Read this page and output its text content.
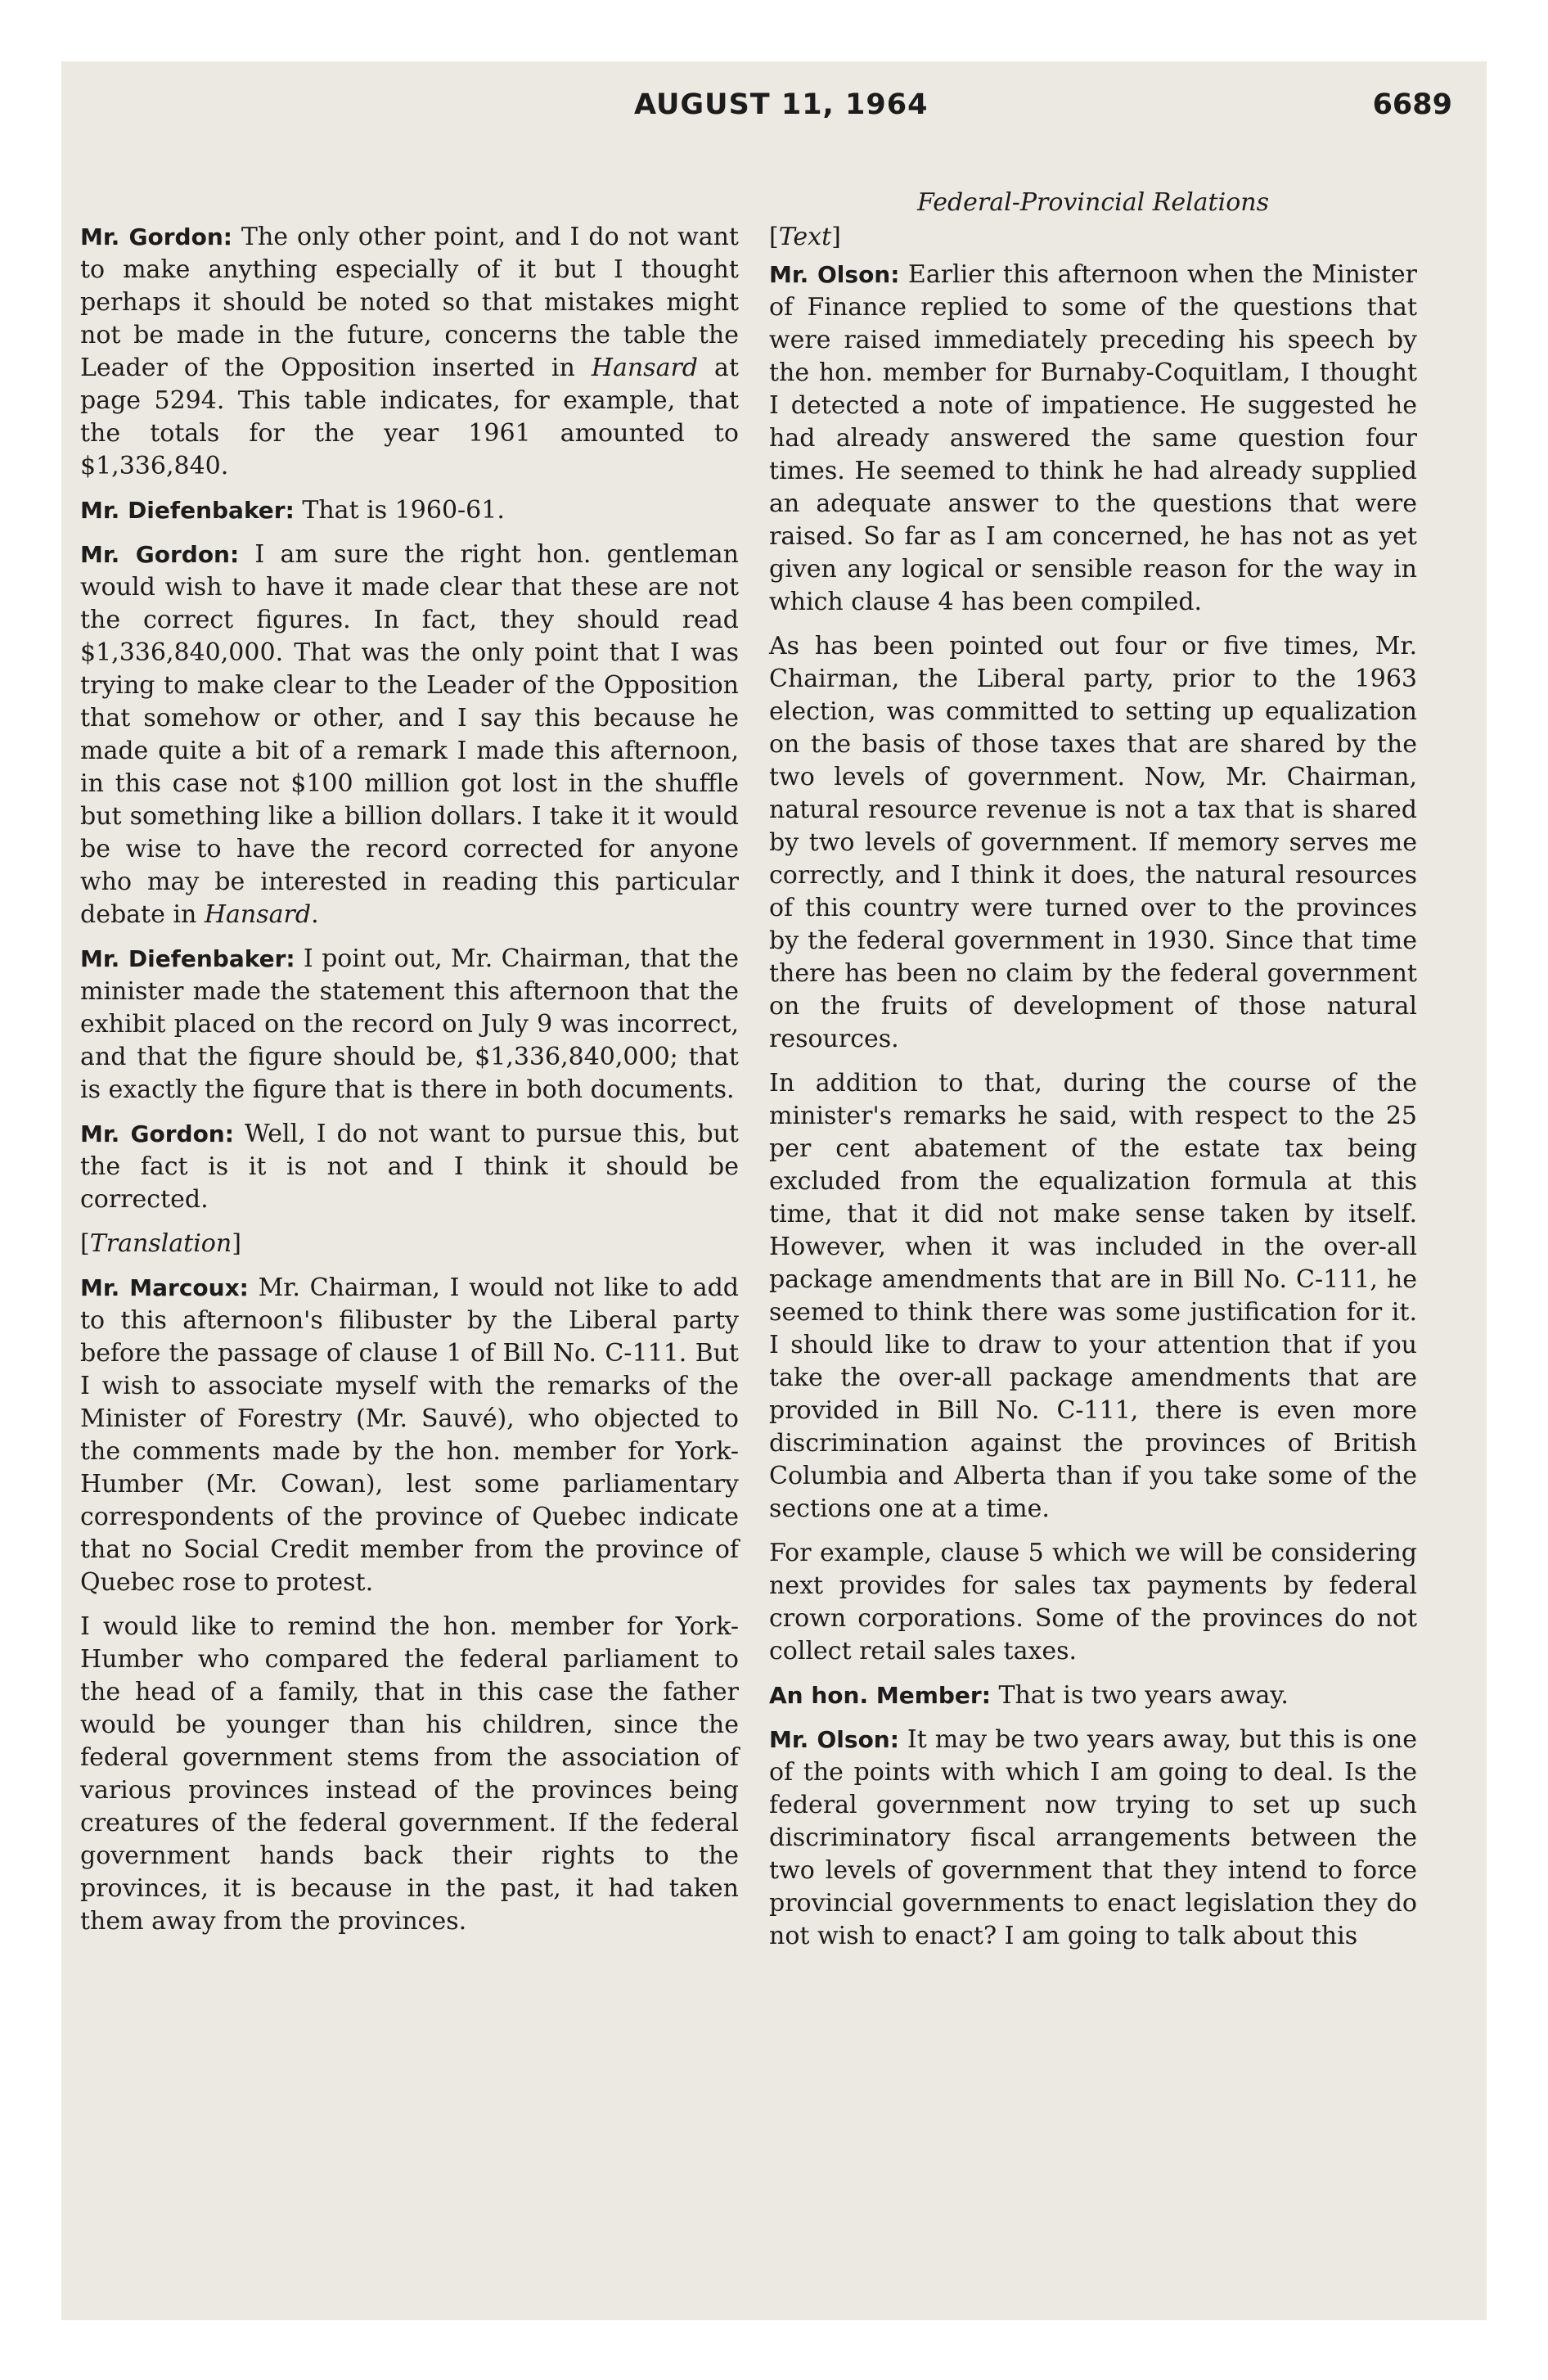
AUGUST 11, 1964	6689
Federal-Provincial Relations

Mr. Gordon: The only other point, and I do not want to make anything especially of it but I thought perhaps it should be noted so that mistakes might not be made in the future, concerns the table the Leader of the Opposition inserted in Hansard at page 5294. This table indicates, for example, that the totals for the year 1961 amounted to $1,336,840.

Mr. Diefenbaker: That is 1960-61.

Mr. Gordon: I am sure the right hon. gentleman would wish to have it made clear that these are not the correct figures. In fact, they should read $1,336,840,000. That was the only point that I was trying to make clear to the Leader of the Opposition that somehow or other, and I say this because he made quite a bit of a remark I made this afternoon, in this case not $100 million got lost in the shuffle but something like a billion dollars. I take it it would be wise to have the record corrected for anyone who may be interested in reading this particular debate in Hansard.

Mr. Diefenbaker: I point out, Mr. Chairman, that the minister made the statement this afternoon that the exhibit placed on the record on July 9 was incorrect, and that the figure should be, $1,336,840,000; that is exactly the figure that is there in both documents.

Mr. Gordon: Well, I do not want to pursue this, but the fact is it is not and I think it should be corrected.

[Translation]

Mr. Marcoux: Mr. Chairman, I would not like to add to this afternoon's filibuster by the Liberal party before the passage of clause 1 of Bill No. C-111. But I wish to associate myself with the remarks of the Minister of Forestry (Mr. Sauvé), who objected to the comments made by the hon. member for York-Humber (Mr. Cowan), lest some parliamentary correspondents of the province of Quebec indicate that no Social Credit member from the province of Quebec rose to protest.

I would like to remind the hon. member for York-Humber who compared the federal parliament to the head of a family, that in this case the father would be younger than his children, since the federal government stems from the association of various provinces instead of the provinces being creatures of the federal government. If the federal government hands back their rights to the provinces, it is because in the past, it had taken them away from the provinces.

[Text]

Mr. Olson: Earlier this afternoon when the Minister of Finance replied to some of the questions that were raised immediately preceding his speech by the hon. member for Burnaby-Coquitlam, I thought I detected a note of impatience. He suggested he had already answered the same question four times. He seemed to think he had already supplied an adequate answer to the questions that were raised. So far as I am concerned, he has not as yet given any logical or sensible reason for the way in which clause 4 has been compiled.

As has been pointed out four or five times, Mr. Chairman, the Liberal party, prior to the 1963 election, was committed to setting up equalization on the basis of those taxes that are shared by the two levels of government. Now, Mr. Chairman, natural resource revenue is not a tax that is shared by two levels of government. If memory serves me correctly, and I think it does, the natural resources of this country were turned over to the provinces by the federal government in 1930. Since that time there has been no claim by the federal government on the fruits of development of those natural resources.

In addition to that, during the course of the minister's remarks he said, with respect to the 25 per cent abatement of the estate tax being excluded from the equalization formula at this time, that it did not make sense taken by itself. However, when it was included in the over-all package amendments that are in Bill No. C-111, he seemed to think there was some justification for it. I should like to draw to your attention that if you take the over-all package amendments that are provided in Bill No. C-111, there is even more discrimination against the provinces of British Columbia and Alberta than if you take some of the sections one at a time.

For example, clause 5 which we will be considering next provides for sales tax payments by federal crown corporations. Some of the provinces do not collect retail sales taxes.

An hon. Member: That is two years away.

Mr. Olson: It may be two years away, but this is one of the points with which I am going to deal. Is the federal government now trying to set up such discriminatory fiscal arrangements between the two levels of government that they intend to force provincial governments to enact legislation they do not wish to enact? I am going to talk about this
